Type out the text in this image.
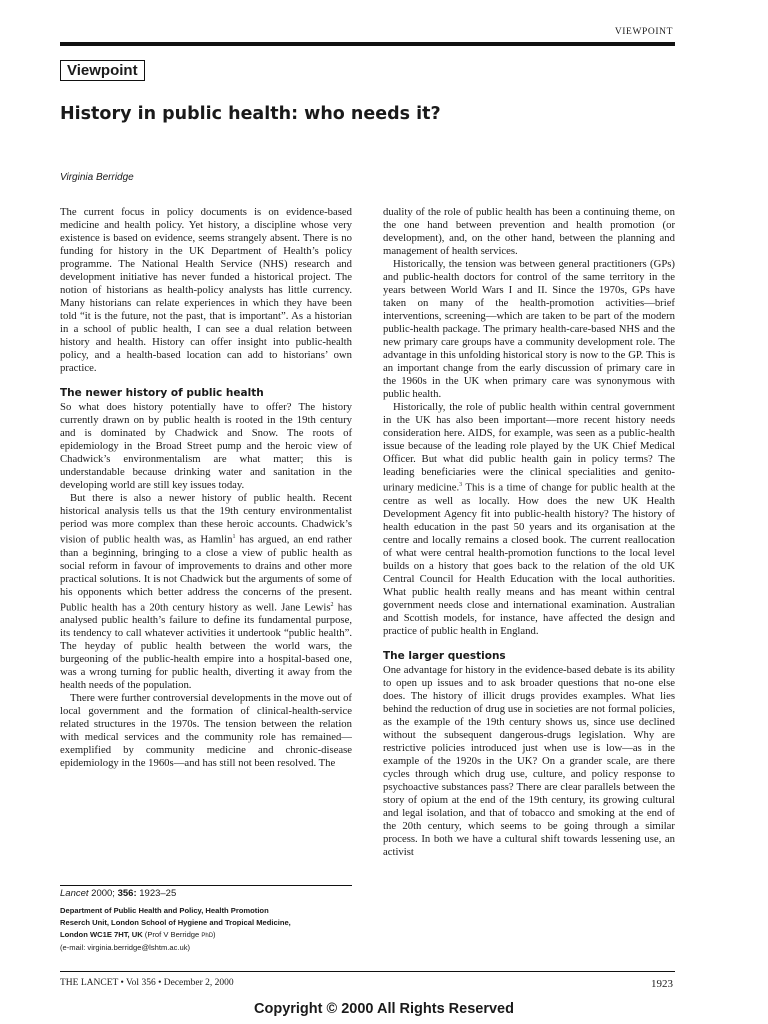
VIEWPOINT
Viewpoint
History in public health: who needs it?
Virginia Berridge

The current focus in policy documents is on evidence-based medicine and health policy. Yet history, a discipline whose very existence is based on evidence, seems strangely absent. There is no funding for history in the UK Department of Health’s policy programme. The National Health Service (NHS) research and development initiative has never funded a historical project. The notion of historians as health-policy analysts has little currency. Many historians can relate experiences in which they have been told “it is the future, not the past, that is important”. As a historian in a school of public health, I can see a dual relation between history and health. History can offer insight into public-health policy, and a health-based location can add to historians’ own practice.

The newer history of public health

So what does history potentially have to offer? The history currently drawn on by public health is rooted in the 19th century and is dominated by Chadwick and Snow. The roots of epidemiology in the Broad Street pump and the heroic view of Chadwick’s environmentalism are what matter; this is understandable because drinking water and sanitation in the developing world are still key issues today.

But there is also a newer history of public health. Recent historical analysis tells us that the 19th century environmentalist period was more complex than these heroic accounts. Chadwick’s vision of public health was, as Hamlin$^1$ has argued, an end rather than a beginning, bringing to a close a view of public health as social reform in favour of improvements to drains and other more practical solutions. It is not Chadwick but the arguments of some of his opponents which better address the concerns of the present. Public health has a 20th century history as well. Jane Lewis$^2$ has analysed public health’s failure to define its fundamental purpose, its tendency to call whatever activities it undertook “public health”. The heyday of public health between the world wars, the burgeoning of the public-health empire into a hospital-based one, was a wrong turning for public health, diverting it away from the health needs of the population.

There were further controversial developments in the move out of local government and the formation of clinical-health-service related structures in the 1970s. The tension between the relation with medical services and the community role has remained—exemplified by community medicine and chronic-disease epidemiology in the 1960s—and has still not been resolved. The

duality of the role of public health has been a continuing theme, on the one hand between prevention and health promotion (or development), and, on the other hand, between the planning and management of health services.

Historically, the tension was between general practitioners (GPs) and public-health doctors for control of the same territory in the years between World Wars I and II. Since the 1970s, GPs have taken on many of the health-promotion activities—brief interventions, screening—which are taken to be part of the modern public-health package. The primary health-care-based NHS and the new primary care groups have a community development role. The advantage in this unfolding historical story is now to the GP. This is an important change from the early discussion of primary care in the 1960s in the UK when primary care was synonymous with public health.

Historically, the role of public health within central government in the UK has also been important—more recent history needs consideration here. AIDS, for example, was seen as a public-health issue because of the leading role played by the UK Chief Medical Officer. But what did public health gain in policy terms? The leading beneficiaries were the clinical specialities and genito-urinary medicine.$^3$ This is a time of change for public health at the centre as well as locally. How does the new UK Health Development Agency fit into public-health history? The history of health education in the past 50 years and its organisation at the centre and locally remains a closed book. The current reallocation of what were central health-promotion functions to the local level builds on a history that goes back to the relation of the old UK Central Council for Health Education with the local authorities. What public health really means and has meant within central government needs close and international examination. Australian and Scottish models, for instance, have affected the design and practice of public health in England.

The larger questions

One advantage for history in the evidence-based debate is its ability to open up issues and to ask broader questions that no-one else does. The history of illicit drugs provides examples. What lies behind the reduction of drug use in societies are not formal policies, as the example of the 19th century shows us, since use declined without the subsequent dangerous-drugs legislation. Why are restrictive policies introduced just when use is low—as in the example of the 1920s in the UK? On a grander scale, are there cycles through which drug use, culture, and policy response to psychoactive substances pass? There are clear parallels between the story of opium at the end of the 19th century, its growing cultural and legal isolation, and that of tobacco and smoking at the end of the 20th century, which seems to be going through a similar process. In both we have a cultural shift towards lessening use, an activist

Lancet 2000; 356: 1923–25
Department of Public Health and Policy, Health Promotion
Reserch Unit, London School of Hygiene and Tropical Medicine,
London WC1E 7HT, UK (Prof V Berridge PhD)
(e-mail: virginia.berridge@lshtm.ac.uk)
THE LANCET • Vol 356 • December 2, 2000	1923
Copyright © 2000 All Rights Reserved
